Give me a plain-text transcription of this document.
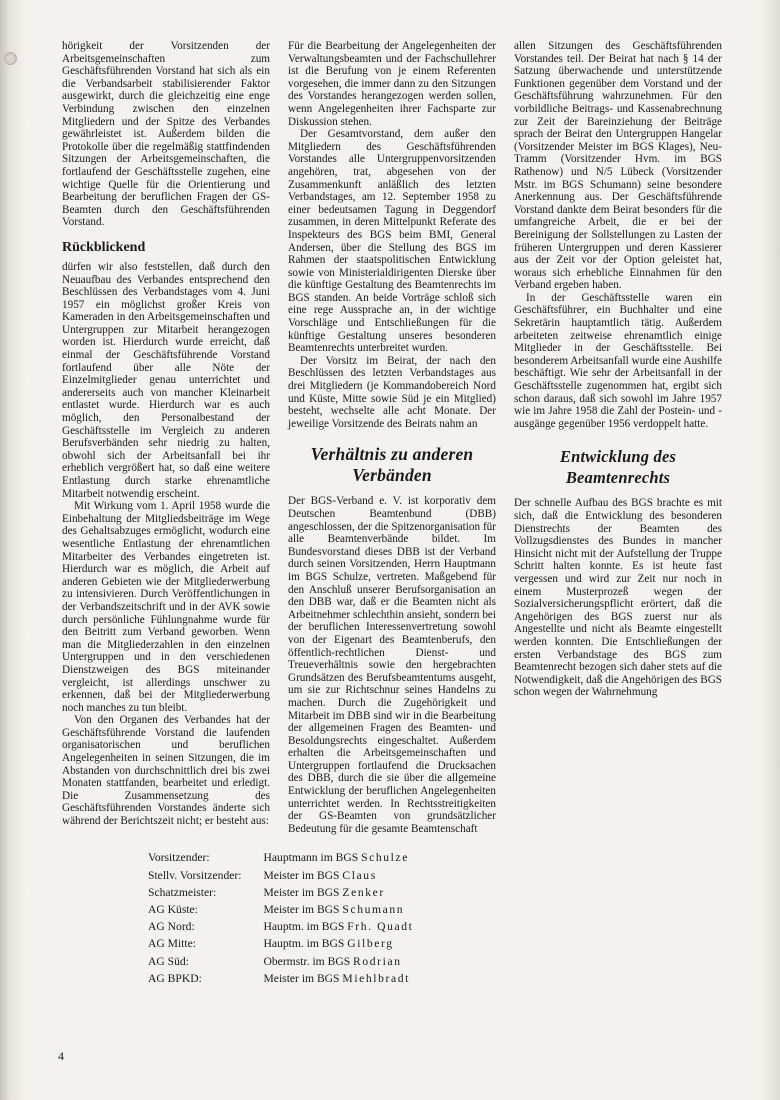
hörigkeit der Vorsitzenden der Arbeitsgemeinschaften zum Geschäftsführenden Vorstand hat sich als ein die Verbandsarbeit stabilisierender Faktor ausgewirkt, durch die gleichzeitig eine enge Verbindung zwischen den einzelnen Mitgliedern und der Spitze des Verbandes gewährleistet ist. Außerdem bilden die Protokolle über die regelmäßig stattfindenden Sitzungen der Arbeitsgemeinschaften, die fortlaufend der Geschäftsstelle zugehen, eine wichtige Quelle für die Orientierung und Bearbeitung der beruflichen Fragen der GS-Beamten durch den Geschäftsführenden Vorstand.

Rückblickend

dürfen wir also feststellen, daß durch den Neuaufbau des Verbandes entsprechend den Beschlüssen des Verbandstages vom 4. Juni 1957 ein möglichst großer Kreis von Kameraden in den Arbeitsgemeinschaften und Untergruppen zur Mitarbeit herangezogen worden ist. Hierdurch wurde erreicht, daß einmal der Geschäftsführende Vorstand fortlaufend über alle Nöte der Einzelmitglieder genau unterrichtet und andererseits auch von mancher Kleinarbeit entlastet wurde. Hierdurch war es auch möglich, den Personalbestand der Geschäftsstelle im Vergleich zu anderen Berufsverbänden sehr niedrig zu halten, obwohl sich der Arbeitsanfall bei ihr erheblich vergrößert hat, so daß eine weitere Entlastung durch starke ehrenamtliche Mitarbeit notwendig erscheint.

Mit Wirkung vom 1. April 1958 wurde die Einbehaltung der Mitgliedsbeiträge im Wege des Gehaltsabzuges ermöglicht, wodurch eine wesentliche Entlastung der ehrenamtlichen Mitarbeiter des Verbandes eingetreten ist. Hierdurch war es möglich, die Arbeit auf anderen Gebieten wie der Mitgliederwerbung zu intensivieren. Durch Veröffentlichungen in der Verbandszeitschrift und in der AVK sowie durch persönliche Fühlungnahme wurde für den Beitritt zum Verband geworben. Wenn man die Mitgliederzahlen in den einzelnen Untergruppen und in den verschiedenen Dienstzweigen des BGS miteinander vergleicht, ist allerdings unschwer zu erkennen, daß bei der Mitgliederwerbung noch manches zu tun bleibt.

Von den Organen des Verbandes hat der Geschäftsführende Vorstand die laufenden organisatorischen und beruflichen Angelegenheiten in seinen Sitzungen, die im Abstanden von durchschnittlich drei bis zwei Monaten stattfanden, bearbeitet und erledigt. Die Zusammensetzung des Geschäftsführenden Vorstandes änderte sich während der Berichtszeit nicht; er besteht aus:

Für die Bearbeitung der Angelegenheiten der Verwaltungsbeamten und der Fachschullehrer ist die Berufung von je einem Referenten vorgesehen, die immer dann zu den Sitzungen des Vorstandes herangezogen werden sollen, wenn Angelegenheiten ihrer Fachsparte zur Diskussion stehen.

Der Gesamtvorstand, dem außer den Mitgliedern des Geschäftsführenden Vorstandes alle Untergruppenvorsitzenden angehören, trat, abgesehen von der Zusammenkunft anläßlich des letzten Verbandstages, am 12. September 1958 zu einer bedeutsamen Tagung in Deggendorf zusammen, in deren Mittelpunkt Referate des Inspekteurs des BGS beim BMI, General Andersen, über die Stellung des BGS im Rahmen der staatspolitischen Entwicklung sowie von Ministerialdirigenten Dierske über die künftige Gestaltung des Beamtenrechts im BGS standen. An beide Vorträge schloß sich eine rege Aussprache an, in der wichtige Vorschläge und Entschließungen für die künftige Gestaltung unseres besonderen Beamtenrechts unterbreitet wurden.

Der Vorsitz im Beirat, der nach den Beschlüssen des letzten Verbandstages aus drei Mitgliedern (je Kommandobereich Nord und Küste, Mitte sowie Süd je ein Mitglied) besteht, wechselte alle acht Monate. Der jeweilige Vorsitzende des Beirats nahm an

Verhältnis zu anderen Verbänden

Der BGS-Verband e. V. ist korporativ dem Deutschen Beamtenbund (DBB) angeschlossen, der die Spitzenorganisation für alle Beamtenverbände bildet. Im Bundesvorstand dieses DBB ist der Verband durch seinen Vorsitzenden, Herrn Hauptmann im BGS Schulze, vertreten. Maßgebend für den Anschluß unserer Berufsorganisation an den DBB war, daß er die Beamten nicht als Arbeitnehmer schlechthin ansieht, sondern bei der beruflichen Interessenvertretung sowohl von der Eigenart des Beamtenberufs, den öffentlich-rechtlichen Dienst- und Treueverhältnis sowie den hergebrachten Grundsätzen des Berufsbeamtentums ausgeht, um sie zur Richtschnur seines Handelns zu machen. Durch die Zugehörigkeit und Mitarbeit im DBB sind wir in die Bearbeitung der allgemeinen Fragen des Beamten- und Besoldungsrechts eingeschaltet. Außerdem erhalten die Arbeitsgemeinschaften und Untergruppen fortlaufend die Drucksachen des DBB, durch die sie über die allgemeine Entwicklung der beruflichen Angelegenheiten unterrichtet werden. In Rechtsstreitigkeiten der GS-Beamten von grundsätzlicher Bedeutung für die gesamte Beamtenschaft

allen Sitzungen des Geschäftsführenden Vorstandes teil. Der Beirat hat nach § 14 der Satzung überwachende und unterstützende Funktionen gegenüber dem Vorstand und der Geschäftsführung wahrzunehmen. Für den vorbildliche Beitrags- und Kassenabrechnung zur Zeit der Bareinziehung der Beiträge sprach der Beirat den Untergruppen Hangelar (Vorsitzender Meister im BGS Klages), Neu-Tramm (Vorsitzender Hvm. im BGS Rathenow) und N/5 Lübeck (Vorsitzender Mstr. im BGS Schumann) seine besondere Anerkennung aus. Der Geschäftsführende Vorstand dankte dem Beirat besonders für die umfangreiche Arbeit, die er bei der Bereinigung der Sollstellungen zu Lasten der früheren Untergruppen und deren Kassierer aus der Zeit vor der Option geleistet hat, woraus sich erhebliche Einnahmen für den Verband ergeben haben.

In der Geschäftsstelle waren ein Geschäftsführer, ein Buchhalter und eine Sekretärin hauptamtlich tätig. Außerdem arbeiteten zeitweise ehrenamtlich einige Mitglieder in der Geschäftsstelle. Bei besonderem Arbeitsanfall wurde eine Aushilfe beschäftigt. Wie sehr der Arbeitsanfall in der Geschäftsstelle zugenommen hat, ergibt sich schon daraus, daß sich sowohl im Jahre 1957 wie im Jahre 1958 die Zahl der Postein- und -ausgänge gegenüber 1956 verdoppelt hatte.

Entwicklung des Beamtenrechts

Der schnelle Aufbau des BGS brachte es mit sich, daß die Entwicklung des besonderen Dienstrechts der Beamten des Vollzugsdienstes des Bundes in mancher Hinsicht nicht mit der Aufstellung der Truppe Schritt halten konnte. Es ist heute fast vergessen und wird zur Zeit nur noch in einem Musterprozeß wegen der Sozialversicherungspflicht erörtert, daß die Angehörigen des BGS zuerst nur als Angestellte und nicht als Beamte eingestellt werden konnten. Die Entschließungen der ersten Verbandstage des BGS zum Beamtenrecht bezogen sich daher stets auf die Notwendigkeit, daß die Angehörigen des BGS schon wegen der Wahrnehmung

Vorsitzender:	Hauptmann im BGS Schulze
Stellv. Vorsitzender:	Meister im BGS Claus
Schatzmeister:	Meister im BGS Zenker
AG Küste:	Meister im BGS Schumann
AG Nord:	Hauptm. im BGS Frh. Quadt
AG Mitte:	Hauptm. im BGS Gilberg
AG Süd:	Obermstr. im BGS Rodrian
AG BPKD:	Meister im BGS Miehlbradt
4
